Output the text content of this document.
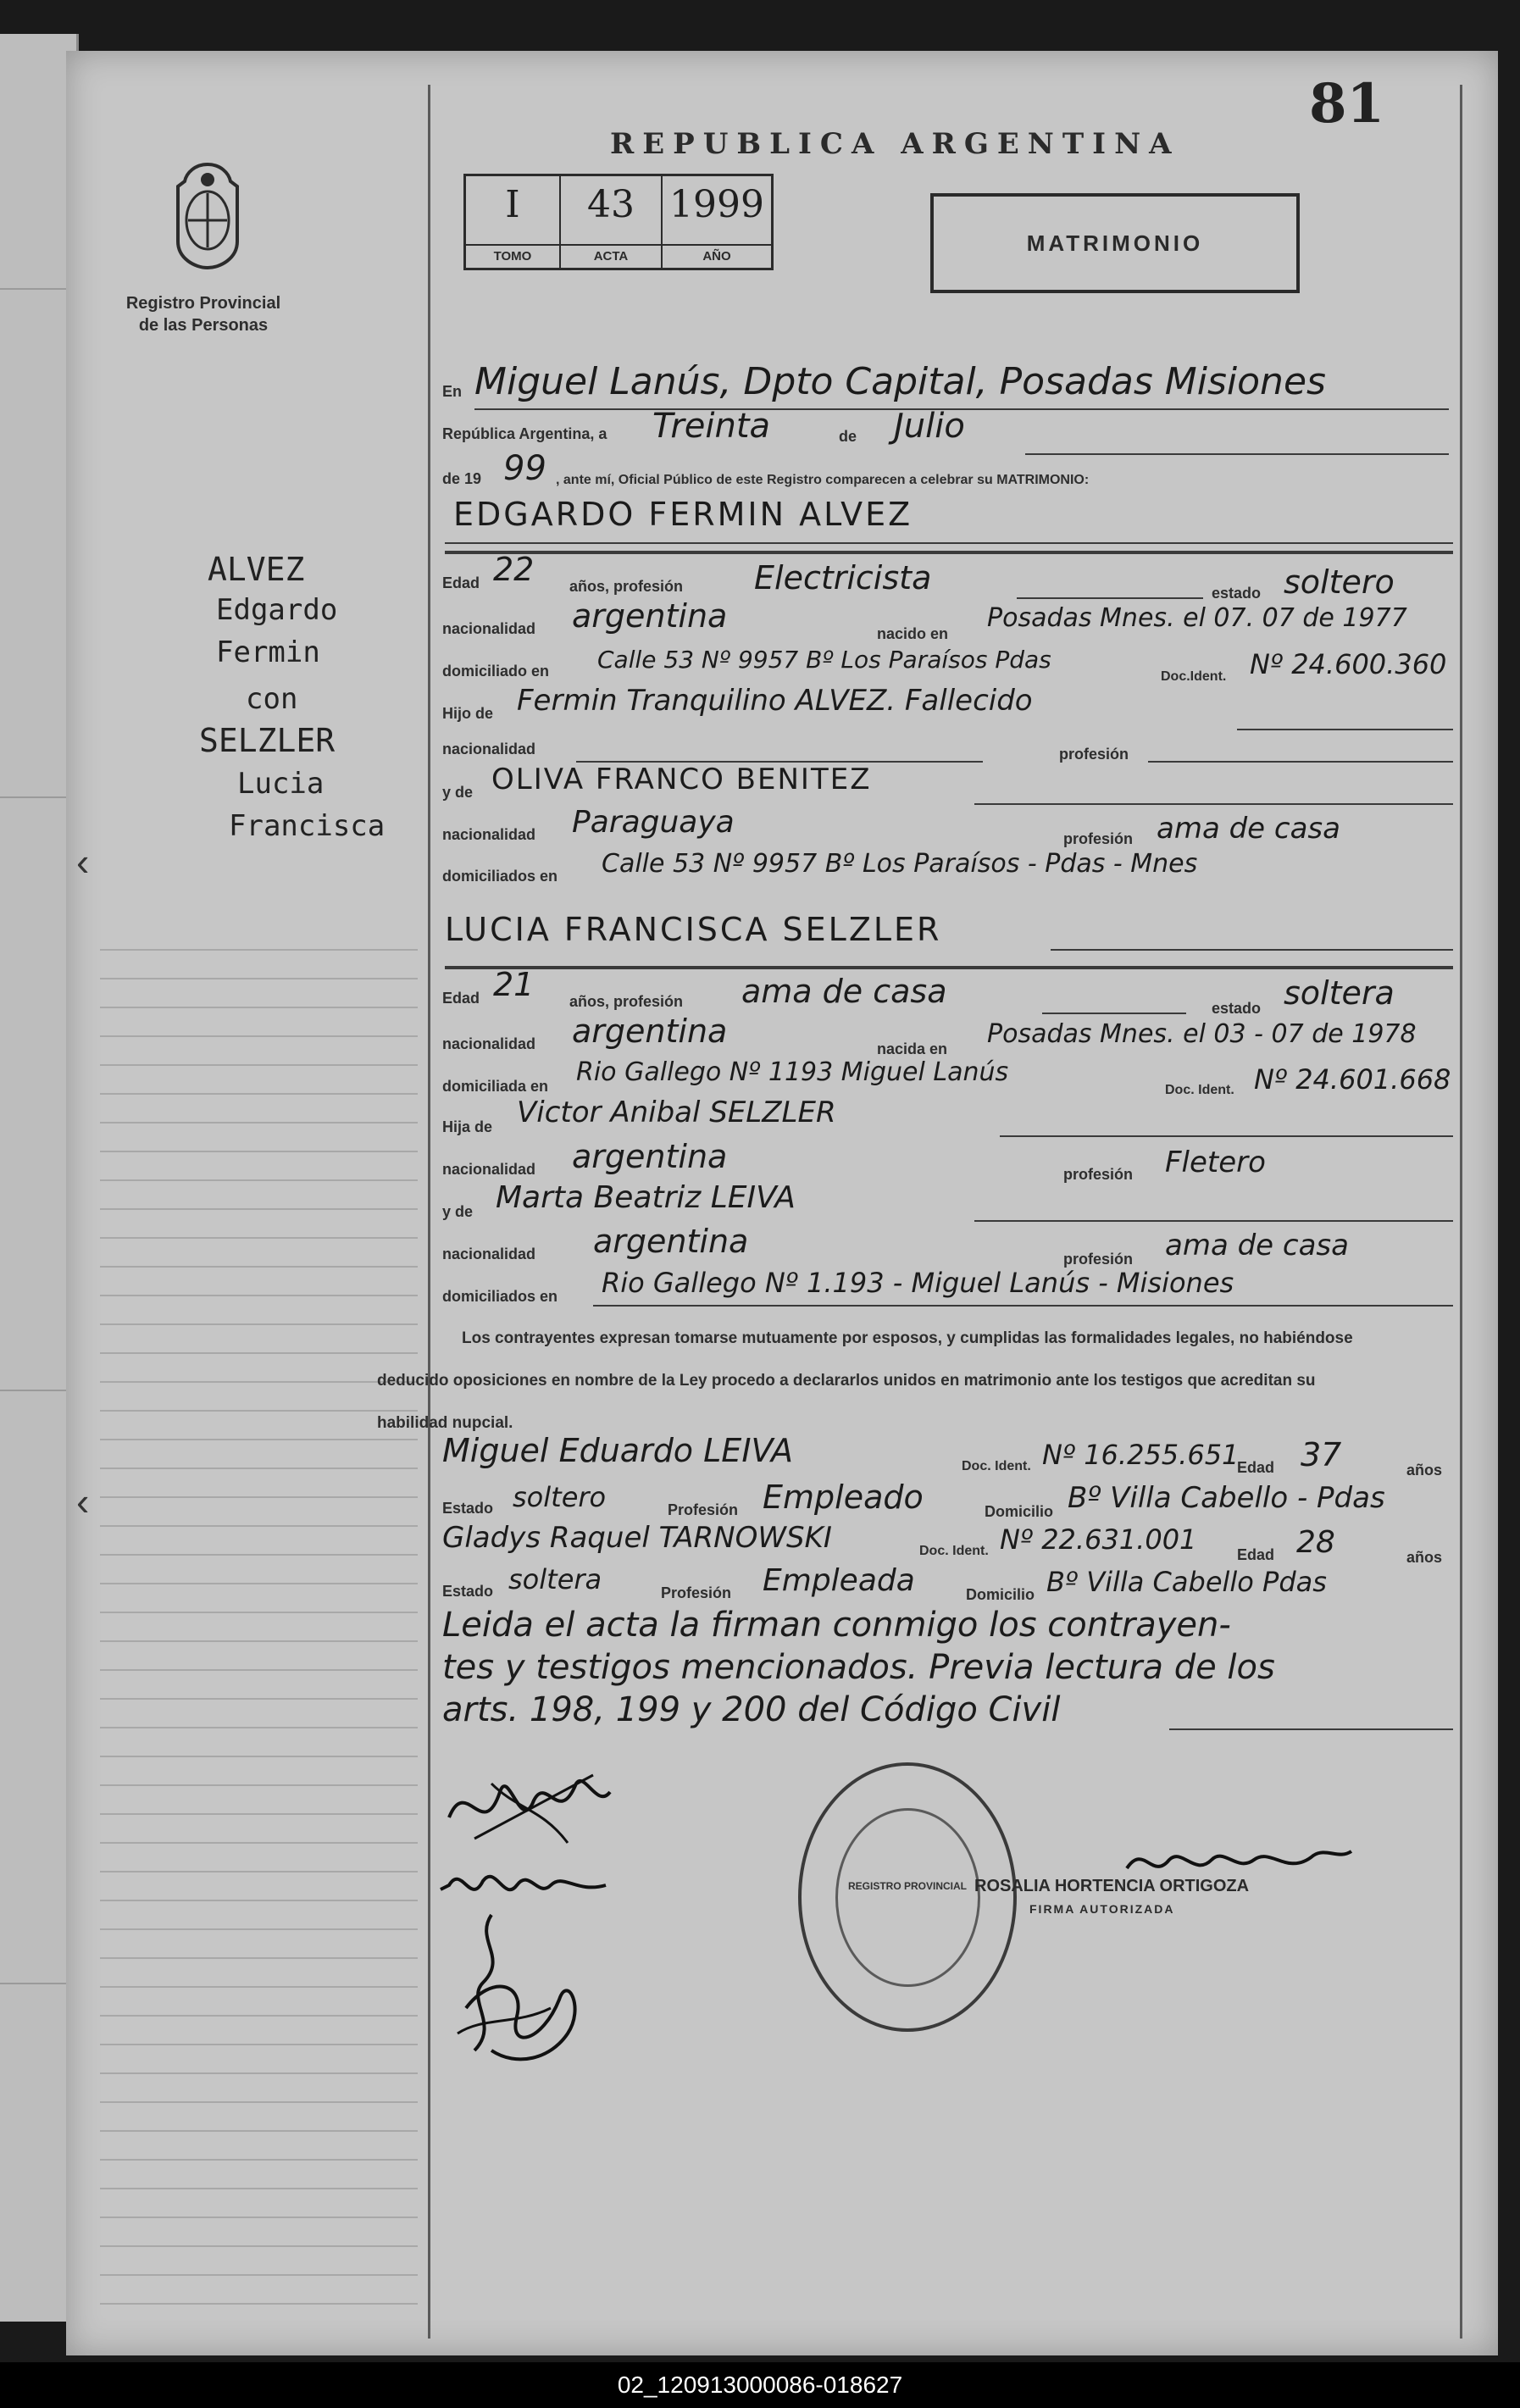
81
REPUBLICA ARGENTINA
Registro Provincial
de las Personas
I
TOMO
43
ACTA
1999
AÑO
MATRIMONIO
ALVEZ
Edgardo
Fermin
con
SELZLER
Lucia
Francisca
‹
‹
En Miguel Lanús, Dpto Capital, Posadas Misiones
República Argentina, a Treinta	de Julio
de 19 99 , ante mí, Oficial Público de este Registro comparecen a celebrar su MATRIMONIO:
EDGARDO FERMIN ALVEZ
Edad 22 años, profesión Electricista	estado soltero
nacionalidad argentina	nacido en
Posadas Mnes. el 07. 07 de 1977
domiciliado en Calle 53 Nº 9957 Bº Los Paraísos Pdas
Doc.Ident. Nº 24.600.360
Hijo de Fermin Tranquilino ALVEZ. Fallecido
nacionalidad	profesión
y de OLIVA FRANCO BENITEZ
nacionalidad Paraguaya	profesión ama de casa
domiciliados en Calle 53 Nº 9957 Bº Los Paraísos - Pdas - Mnes
LUCIA FRANCISCA SELZLER
Edad 21 años, profesión ama de casa	estado soltera
nacionalidad argentina	nacida en Posadas Mnes. el 03 - 07 de 1978
domiciliada en Rio Gallego Nº 1193 Miguel Lanús
Doc. Ident. Nº 24.601.668
Hija de Victor Anibal SELZLER
nacionalidad argentina	profesión Fletero
y de Marta Beatriz LEIVA
nacionalidad argentina	profesión ama de casa
domiciliados en Rio Gallego Nº 1.193 - Miguel Lanús - Misiones
Los contrayentes expresan tomarse mutuamente por esposos, y cumplidas las formalidades legales, no habiéndose deducido oposiciones en nombre de la Ley procedo a declararlos unidos en matrimonio ante los testigos que acreditan su habilidad nupcial.
Miguel Eduardo LEIVA	Doc. Ident. Nº 16.255.651
Edad 37	años
Estado soltero	Profesión Empleado	Domicilio Bº Villa Cabello - Pdas
Gladys Raquel TARNOWSKI	Doc. Ident. Nº 22.631.001	Edad 28	años
Estado soltera	Profesión Empleada	Domicilio Bº Villa Cabello Pdas
Leida el acta la firman conmigo los contrayen-
tes y testigos mencionados. Previa lectura de los
arts. 198, 199 y 200 del Código Civil
REGISTRO PROVINCIAL ROSALIA HORTENCIA ORTIGOZA
FIRMA AUTORIZADA
02_120913000086-018627
